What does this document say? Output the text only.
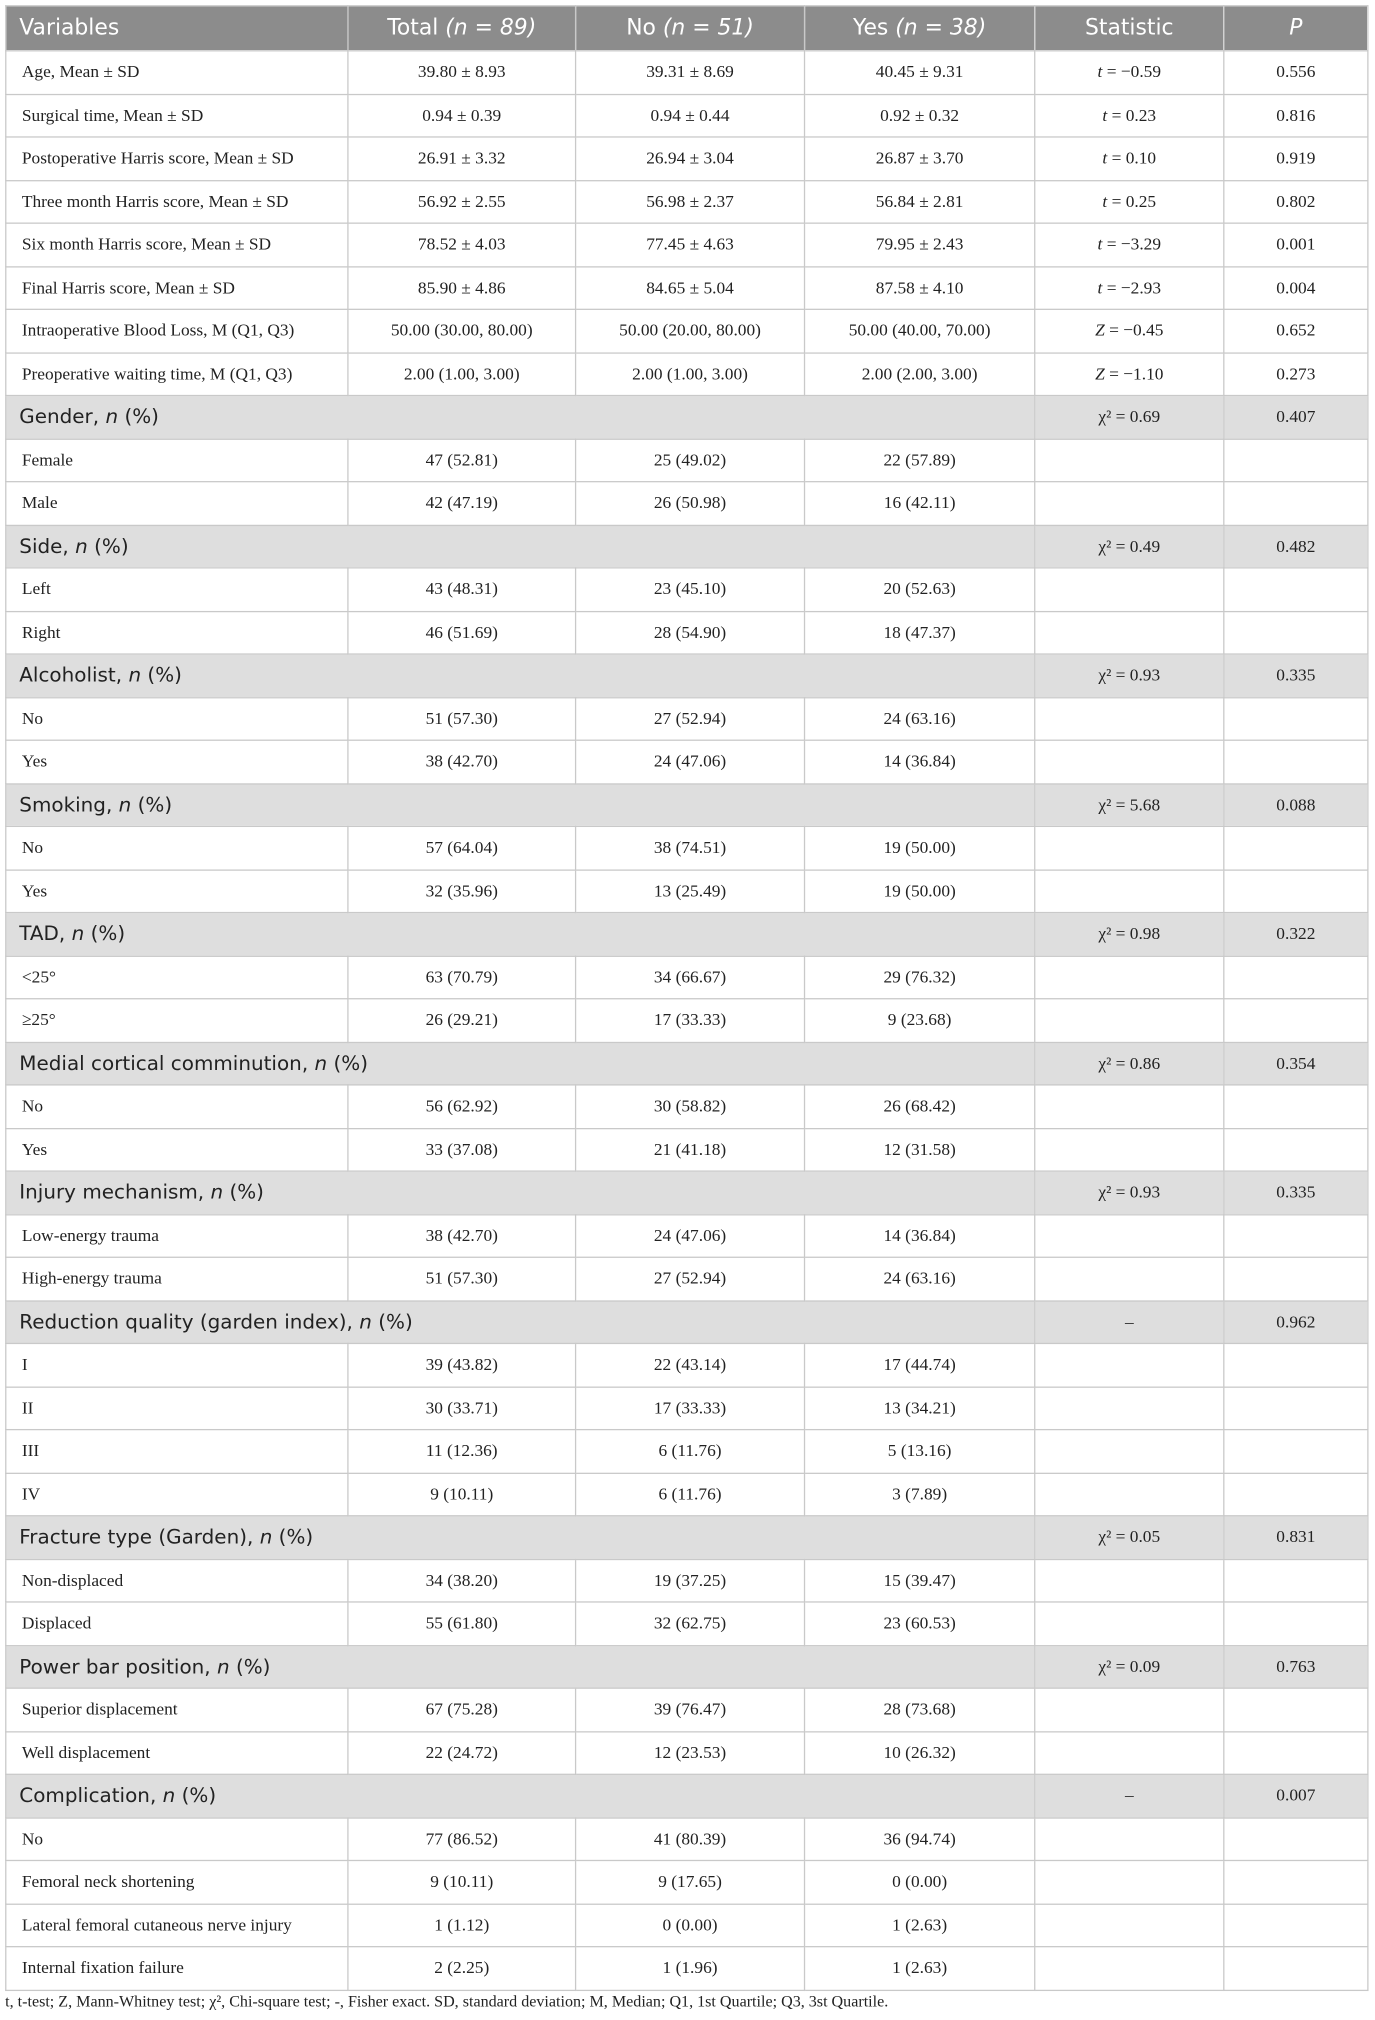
Variables	Total (n = 89)	No (n = 51)	Yes (n = 38)	Statistic	P
Age, Mean ± SD	39.80 ± 8.93	39.31 ± 8.69	40.45 ± 9.31	t = −0.59	0.556
Surgical time, Mean ± SD	0.94 ± 0.39	0.94 ± 0.44	0.92 ± 0.32	t = 0.23	0.816
Postoperative Harris score, Mean ± SD	26.91 ± 3.32	26.94 ± 3.04	26.87 ± 3.70	t = 0.10	0.919
Three month Harris score, Mean ± SD	56.92 ± 2.55	56.98 ± 2.37	56.84 ± 2.81	t = 0.25	0.802
Six month Harris score, Mean ± SD	78.52 ± 4.03	77.45 ± 4.63	79.95 ± 2.43	t = −3.29	0.001
Final Harris score, Mean ± SD	85.90 ± 4.86	84.65 ± 5.04	87.58 ± 4.10	t = −2.93	0.004
Intraoperative Blood Loss, M (Q1, Q3)	50.00 (30.00, 80.00)	50.00 (20.00, 80.00)	50.00 (40.00, 70.00)	Z = −0.45	0.652
Preoperative waiting time, M (Q1, Q3)	2.00 (1.00, 3.00)	2.00 (1.00, 3.00)	2.00 (2.00, 3.00)	Z = −1.10	0.273
Gender, n (%)				χ² = 0.69	0.407
Female	47 (52.81)	25 (49.02)	22 (57.89)		
Male	42 (47.19)	26 (50.98)	16 (42.11)		
Side, n (%)				χ² = 0.49	0.482
Left	43 (48.31)	23 (45.10)	20 (52.63)		
Right	46 (51.69)	28 (54.90)	18 (47.37)		
Alcoholist, n (%)				χ² = 0.93	0.335
No	51 (57.30)	27 (52.94)	24 (63.16)		
Yes	38 (42.70)	24 (47.06)	14 (36.84)		
Smoking, n (%)				χ² = 5.68	0.088
No	57 (64.04)	38 (74.51)	19 (50.00)		
Yes	32 (35.96)	13 (25.49)	19 (50.00)		
TAD, n (%)				χ² = 0.98	0.322
<25°	63 (70.79)	34 (66.67)	29 (76.32)		
≥25°	26 (29.21)	17 (33.33)	9 (23.68)		
Medial cortical comminution, n (%)				χ² = 0.86	0.354
No	56 (62.92)	30 (58.82)	26 (68.42)		
Yes	33 (37.08)	21 (41.18)	12 (31.58)		
Injury mechanism, n (%)				χ² = 0.93	0.335
Low-energy trauma	38 (42.70)	24 (47.06)	14 (36.84)		
High-energy trauma	51 (57.30)	27 (52.94)	24 (63.16)		
Reduction quality (garden index), n (%)				–	0.962
I	39 (43.82)	22 (43.14)	17 (44.74)		
II	30 (33.71)	17 (33.33)	13 (34.21)		
III	11 (12.36)	6 (11.76)	5 (13.16)		
IV	9 (10.11)	6 (11.76)	3 (7.89)		
Fracture type (Garden), n (%)				χ² = 0.05	0.831
Non-displaced	34 (38.20)	19 (37.25)	15 (39.47)		
Displaced	55 (61.80)	32 (62.75)	23 (60.53)		
Power bar position, n (%)				χ² = 0.09	0.763
Superior displacement	67 (75.28)	39 (76.47)	28 (73.68)		
Well displacement	22 (24.72)	12 (23.53)	10 (26.32)		
Complication, n (%)				–	0.007
No	77 (86.52)	41 (80.39)	36 (94.74)		
Femoral neck shortening	9 (10.11)	9 (17.65)	0 (0.00)		
Lateral femoral cutaneous nerve injury	1 (1.12)	0 (0.00)	1 (2.63)		
Internal fixation failure	2 (2.25)	1 (1.96)	1 (2.63)		
t, t-test; Z, Mann-Whitney test; χ², Chi-square test; -, Fisher exact. SD, standard deviation; M, Median; Q1, 1st Quartile; Q3, 3st Quartile.
